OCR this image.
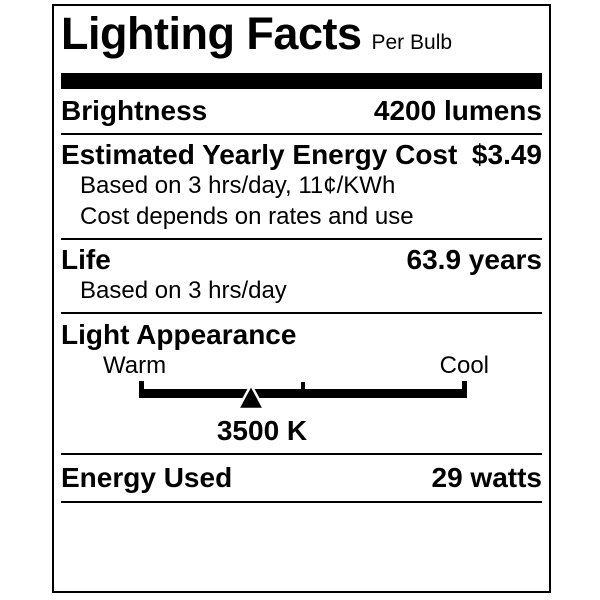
Lighting Facts Per Bulb
Brightness	4200 lumens
Estimated Yearly Energy Cost $3.49
Based on 3 hrs/day, 11¢/KWh
Cost depends on rates and use
Life	63.9 years
Based on 3 hrs/day
Light Appearance
Warm	Cool
3500 K
Energy Used	29 watts
